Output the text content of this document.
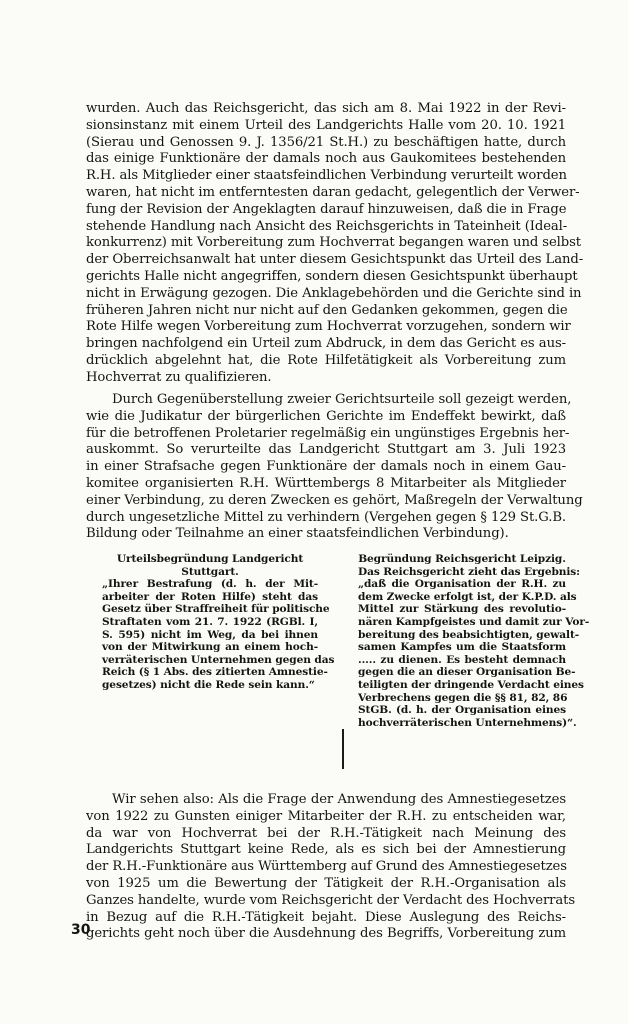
wurden. Auch das Reichsgericht, das sich am 8. Mai 1922 in der Revi-
sionsinstanz mit einem Urteil des Landgerichts Halle vom 20. 10. 1921
(Sierau und Genossen 9. J. 1356/21 St.H.) zu beschäftigen hatte, durch
das einige Funktionäre der damals noch aus Gaukomitees bestehenden
R.H. als Mitglieder einer staatsfeindlichen Verbindung verurteilt worden
waren, hat nicht im entferntesten daran gedacht, gelegentlich der Verwer-
fung der Revision der Angeklagten darauf hinzuweisen, daß die in Frage
stehende Handlung nach Ansicht des Reichsgerichts in Tateinheit (Ideal-
konkurrenz) mit Vorbereitung zum Hochverrat begangen waren und selbst
der Oberreichsanwalt hat unter diesem Gesichtspunkt das Urteil des Land-
gerichts Halle nicht angegriffen, sondern diesen Gesichtspunkt überhaupt
nicht in Erwägung gezogen. Die Anklagebehörden und die Gerichte sind in
früheren Jahren nicht nur nicht auf den Gedanken gekommen, gegen die
Rote Hilfe wegen Vorbereitung zum Hochverrat vorzugehen, sondern wir
bringen nachfolgend ein Urteil zum Abdruck, in dem das Gericht es aus-
drücklich abgelehnt hat, die Rote Hilfetätigkeit als Vorbereitung zum
Hochverrat zu qualifizieren.
Durch Gegenüberstellung zweier Gerichtsurteile soll gezeigt werden,
wie die Judikatur der bürgerlichen Gerichte im Endeffekt bewirkt, daß
für die betroffenen Proletarier regelmäßig ein ungünstiges Ergebnis her-
auskommt. So verurteilte das Landgericht Stuttgart am 3. Juli 1923
in einer Strafsache gegen Funktionäre der damals noch in einem Gau-
komitee organisierten R.H. Württembergs 8 Mitarbeiter als Mitglieder
einer Verbindung, zu deren Zwecken es gehört, Maßregeln der Verwaltung
durch ungesetzliche Mittel zu verhindern (Vergehen gegen § 129 St.G.B.
Bildung oder Teilnahme an einer staatsfeindlichen Verbindung).
Urteilsbegründung Landgericht
Stuttgart.
„Ihrer Bestrafung (d. h. der Mit-
arbeiter der Roten Hilfe) steht das
Gesetz über Straffreiheit für politische
Straftaten vom 21. 7. 1922 (RGBl. I,
S. 595) nicht im Weg, da bei ihnen
von der Mitwirkung an einem hoch-
verräterischen Unternehmen gegen das
Reich (§ 1 Abs. des zitierten Amnestie-
gesetzes) nicht die Rede sein kann.“
Begründung Reichsgericht Leipzig.
Das Reichsgericht zieht das Ergebnis:
„daß die Organisation der R.H. zu
dem Zwecke erfolgt ist, der K.P.D. als
Mittel zur Stärkung des revolutio-
nären Kampfgeistes und damit zur Vor-
bereitung des beabsichtigten, gewalt-
samen Kampfes um die Staatsform
..... zu dienen. Es besteht demnach
gegen die an dieser Organisation Be-
teiligten der dringende Verdacht eines
Verbrechens gegen die §§ 81, 82, 86
StGB. (d. h. der Organisation eines
hochverräterischen Unternehmens)“.
Wir sehen also: Als die Frage der Anwendung des Amnestiegesetzes
von 1922 zu Gunsten einiger Mitarbeiter der R.H. zu entscheiden war,
da war von Hochverrat bei der R.H.-Tätigkeit nach Meinung des
Landgerichts Stuttgart keine Rede, als es sich bei der Amnestierung
der R.H.-Funktionäre aus Württemberg auf Grund des Amnestiegesetzes
von 1925 um die Bewertung der Tätigkeit der R.H.-Organisation als
Ganzes handelte, wurde vom Reichsgericht der Verdacht des Hochverrats
in Bezug auf die R.H.-Tätigkeit bejaht. Diese Auslegung des Reichs-
gerichts geht noch über die Ausdehnung des Begriffs, Vorbereitung zum
30
